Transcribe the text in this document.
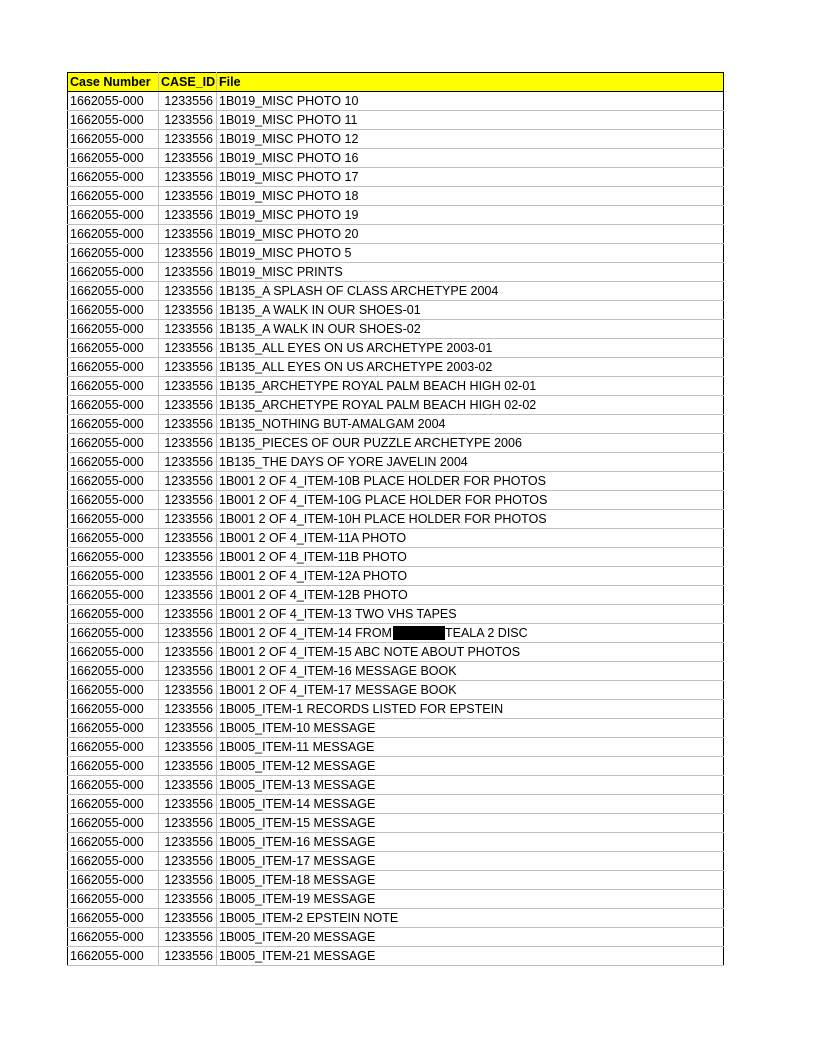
Case Number	CASE_ID	File
1662055-000	1233556	1B019_MISC PHOTO 10
1662055-000	1233556	1B019_MISC PHOTO 11
1662055-000	1233556	1B019_MISC PHOTO 12
1662055-000	1233556	1B019_MISC PHOTO 16
1662055-000	1233556	1B019_MISC PHOTO 17
1662055-000	1233556	1B019_MISC PHOTO 18
1662055-000	1233556	1B019_MISC PHOTO 19
1662055-000	1233556	1B019_MISC PHOTO 20
1662055-000	1233556	1B019_MISC PHOTO 5
1662055-000	1233556	1B019_MISC PRINTS
1662055-000	1233556	1B135_A SPLASH OF CLASS ARCHETYPE 2004
1662055-000	1233556	1B135_A WALK IN OUR SHOES-01
1662055-000	1233556	1B135_A WALK IN OUR SHOES-02
1662055-000	1233556	1B135_ALL EYES ON US ARCHETYPE 2003-01
1662055-000	1233556	1B135_ALL EYES ON US ARCHETYPE 2003-02
1662055-000	1233556	1B135_ARCHETYPE ROYAL PALM BEACH HIGH 02-01
1662055-000	1233556	1B135_ARCHETYPE ROYAL PALM BEACH HIGH 02-02
1662055-000	1233556	1B135_NOTHING BUT-AMALGAM 2004
1662055-000	1233556	1B135_PIECES OF OUR PUZZLE ARCHETYPE 2006
1662055-000	1233556	1B135_THE DAYS OF YORE JAVELIN 2004
1662055-000	1233556	1B001 2 OF 4_ITEM-10B PLACE HOLDER FOR PHOTOS
1662055-000	1233556	1B001 2 OF 4_ITEM-10G PLACE HOLDER FOR PHOTOS
1662055-000	1233556	1B001 2 OF 4_ITEM-10H PLACE HOLDER FOR PHOTOS
1662055-000	1233556	1B001 2 OF 4_ITEM-11A PHOTO
1662055-000	1233556	1B001 2 OF 4_ITEM-11B PHOTO
1662055-000	1233556	1B001 2 OF 4_ITEM-12A PHOTO
1662055-000	1233556	1B001 2 OF 4_ITEM-12B PHOTO
1662055-000	1233556	1B001 2 OF 4_ITEM-13 TWO VHS TAPES
1662055-000	1233556	1B001 2 OF 4_ITEM-14 FROM TEALA 2 DISC
1662055-000	1233556	1B001 2 OF 4_ITEM-15 ABC NOTE ABOUT PHOTOS
1662055-000	1233556	1B001 2 OF 4_ITEM-16 MESSAGE BOOK
1662055-000	1233556	1B001 2 OF 4_ITEM-17 MESSAGE BOOK
1662055-000	1233556	1B005_ITEM-1 RECORDS LISTED FOR EPSTEIN
1662055-000	1233556	1B005_ITEM-10 MESSAGE
1662055-000	1233556	1B005_ITEM-11 MESSAGE
1662055-000	1233556	1B005_ITEM-12 MESSAGE
1662055-000	1233556	1B005_ITEM-13 MESSAGE
1662055-000	1233556	1B005_ITEM-14 MESSAGE
1662055-000	1233556	1B005_ITEM-15 MESSAGE
1662055-000	1233556	1B005_ITEM-16 MESSAGE
1662055-000	1233556	1B005_ITEM-17 MESSAGE
1662055-000	1233556	1B005_ITEM-18 MESSAGE
1662055-000	1233556	1B005_ITEM-19 MESSAGE
1662055-000	1233556	1B005_ITEM-2 EPSTEIN NOTE
1662055-000	1233556	1B005_ITEM-20 MESSAGE
1662055-000	1233556	1B005_ITEM-21 MESSAGE
